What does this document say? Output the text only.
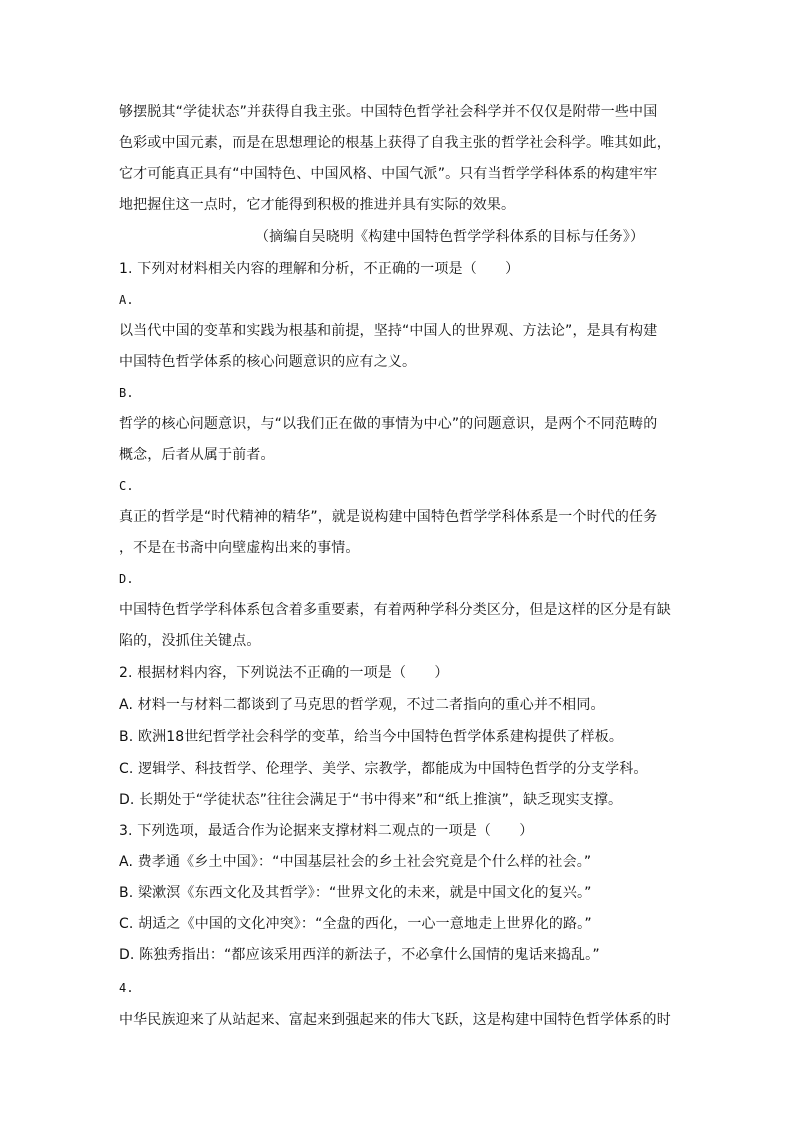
够摆脱其“学徒状态”并获得自我主张。中国特色哲学社会科学并不仅仅是附带一些中国
色彩或中国元素，而是在思想理论的根基上获得了自我主张的哲学社会科学。唯其如此，
它才可能真正具有“中国特色、中国风格、中国气派”。只有当哲学学科体系的构建牢牢
地把握住这一点时，它才能得到积极的推进并具有实际的效果。
（摘编自吴晓明《构建中国特色哲学学科体系的目标与任务》）
1. 下列对材料相关内容的理解和分析，不正确的一项是（　　）
A.
以当代中国的变革和实践为根基和前提，坚持“中国人的世界观、方法论”，是具有构建
中国特色哲学体系的核心问题意识的应有之义。
B.
哲学的核心问题意识，与“以我们正在做的事情为中心”的问题意识，是两个不同范畴的
概念，后者从属于前者。
C.
真正的哲学是“时代精神的精华”，就是说构建中国特色哲学学科体系是一个时代的任务
，不是在书斋中向壁虚构出来的事情。
D.
中国特色哲学学科体系包含着多重要素，有着两种学科分类区分，但是这样的区分是有缺
陷的，没抓住关键点。
2. 根据材料内容，下列说法不正确的一项是（　　）
A. 材料一与材料二都谈到了马克思的哲学观，不过二者指向的重心并不相同。
B. 欧洲18世纪哲学社会科学的变革，给当今中国特色哲学体系建构提供了样板。
C. 逻辑学、科技哲学、伦理学、美学、宗教学，都能成为中国特色哲学的分支学科。
D. 长期处于“学徒状态”往往会满足于“书中得来”和“纸上推演”，缺乏现实支撑。
3. 下列选项，最适合作为论据来支撑材料二观点的一项是（　　）
A. 费孝通《乡土中国》：“中国基层社会的乡土社会究竟是个什么样的社会。”
B. 梁漱溟《东西文化及其哲学》：“世界文化的未来，就是中国文化的复兴。”
C. 胡适之《中国的文化冲突》：“全盘的西化，一心一意地走上世界化的路。”
D. 陈独秀指出：“都应该采用西洋的新法子，不必拿什么国情的鬼话来捣乱。”
4.
中华民族迎来了从站起来、富起来到强起来的伟大飞跃，这是构建中国特色哲学体系的时
